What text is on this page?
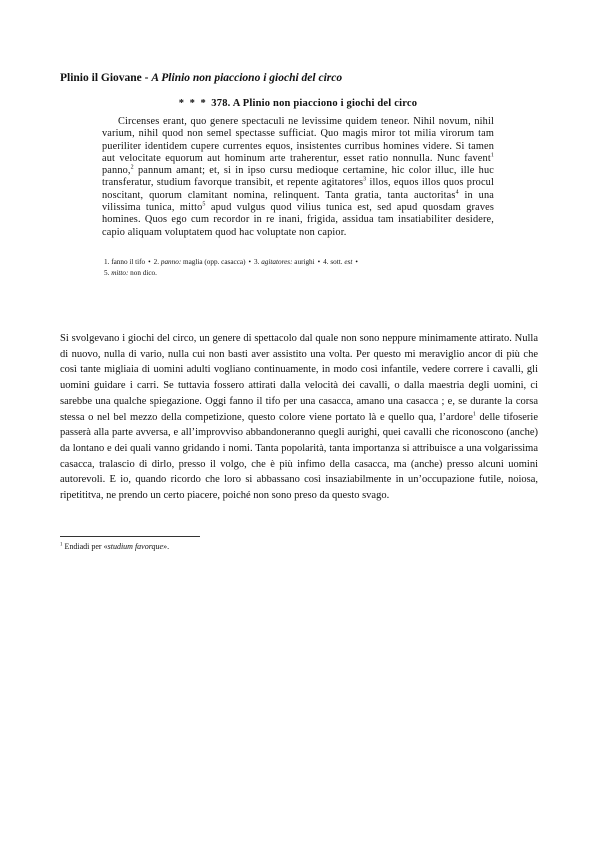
Plinio il Giovane - A Plinio non piacciono i giochi del circo
* * * 378. A Plinio non piacciono i giochi del circo
Circenses erant, quo genere spectaculi ne levissime quidem teneor. Nihil novum, nihil varium, nihil quod non semel spectasse sufficiat. Quo magis miror tot milia virorum tam pueriliter identidem cupere currentes equos, insistentes curribus homines videre. Si tamen aut velocitate equorum aut hominum arte traherentur, esset ratio nonnulla. Nunc favent$^1$ panno,$^2$ pannum amant; et, si in ipso cursu medioque certamine, hic color illuc, ille huc transferatur, studium favorque transibit, et repente agitatores$^3$ illos, equos illos quos procul noscitant, quorum clamitant nomina, relinquent. Tanta gratia, tanta auctoritas$^4$ in una vilissima tunica, mitto$^5$ apud vulgus quod vilius tunica est, sed apud quosdam graves homines. Quos ego cum recordor in re inani, frigida, assidua tam insatiabiliter desidere, capio aliquam voluptatem quod hac voluptate non capior.
1. fanno il tifo • 2. panno: maglia (opp. casacca) • 3. agitatores: aurighi • 4. sott. est •
5. mitto: non dico.
Si svolgevano i giochi del circo, un genere di spettacolo dal quale non sono neppure minimamente attirato. Nulla di nuovo, nulla di vario, nulla cui non basti aver assistito una volta. Per questo mi meraviglio ancor di più che così tante migliaia di uomini adulti vogliano continuamente, in modo così infantile, vedere correre i cavalli, gli uomini guidare i carri. Se tuttavia fossero attirati dalla velocità dei cavalli, o dalla maestria degli uomini, ci sarebbe una qualche spiegazione. Oggi fanno il tifo per una casacca, amano una casacca ; e, se durante la corsa stessa o nel bel mezzo della competizione, questo colore viene portato là e quello qua, l’ardore$^1$ delle tifoserie passerà alla parte avversa, e all’improvviso abbandoneranno quegli aurighi, quei cavalli che riconoscono (anche) da lontano e dei quali vanno gridando i nomi. Tanta popolarità, tanta importanza si attribuisce a una volgarissima casacca, tralascio di dirlo, presso il volgo, che è più infimo della casacca, ma (anche) presso alcuni uomini autorevoli. E io, quando ricordo che loro si abbassano così insaziabilmente in un’occupazione futile, noiosa, ripetititva, ne prendo un certo piacere, poiché non sono preso da questo svago.
$^1$ Endiadi per «studium favorque».
